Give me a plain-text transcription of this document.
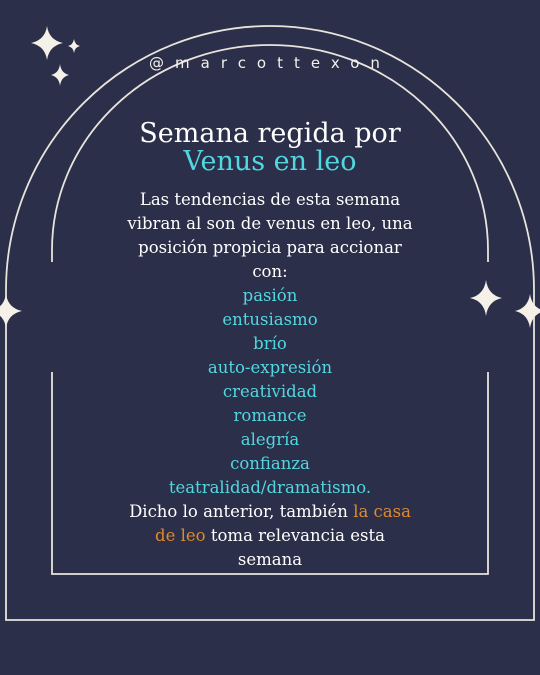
@marcottexon
Semana regida por
Venus en leo
Las tendencias de esta semana
vibran al son de venus en leo, una
posición propicia para accionar
con:
pasión
entusiasmo
brío
auto-expresión
creatividad
romance
alegría
confianza
teatralidad/dramatismo.
Dicho lo anterior, también la casa
de leo toma relevancia esta
semana
